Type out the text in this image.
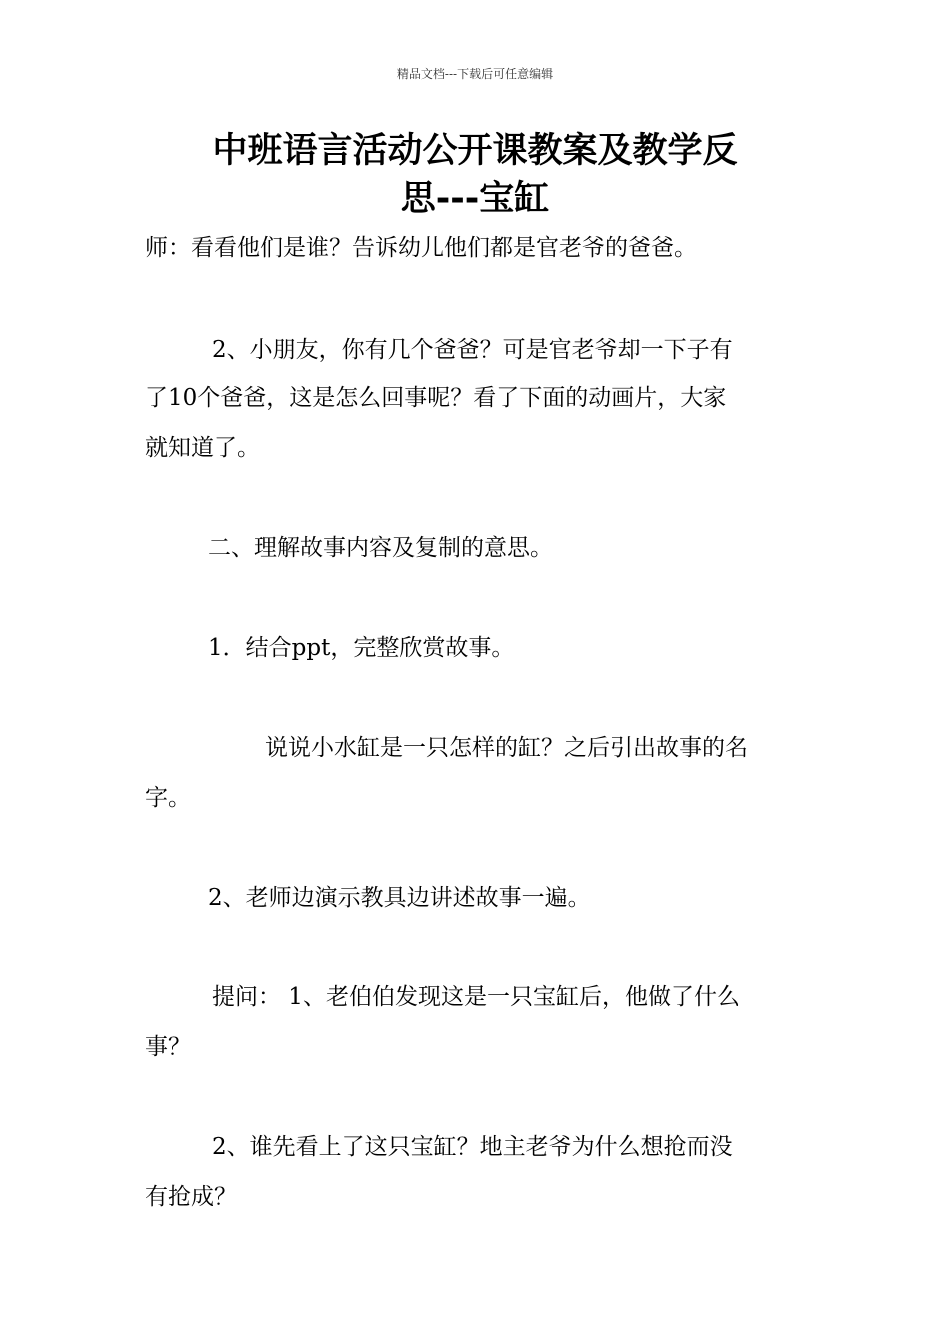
精品文档---下载后可任意编辑
中班语言活动公开课教案及教学反
思---宝缸

师：看看他们是谁？告诉幼儿他们都是官老爷的爸爸。

2、小朋友，你有几个爸爸？可是官老爷却一下子有

了10个爸爸，这是怎么回事呢？看了下面的动画片，大家

就知道了。

二、理解故事内容及复制的意思。

1．结合ppt，完整欣赏故事。

说说小水缸是一只怎样的缸？之后引出故事的名

字。

2、老师边演示教具边讲述故事一遍。

提问： 1、老伯伯发现这是一只宝缸后，他做了什么

事？

2、谁先看上了这只宝缸？地主老爷为什么想抢而没

有抢成？
